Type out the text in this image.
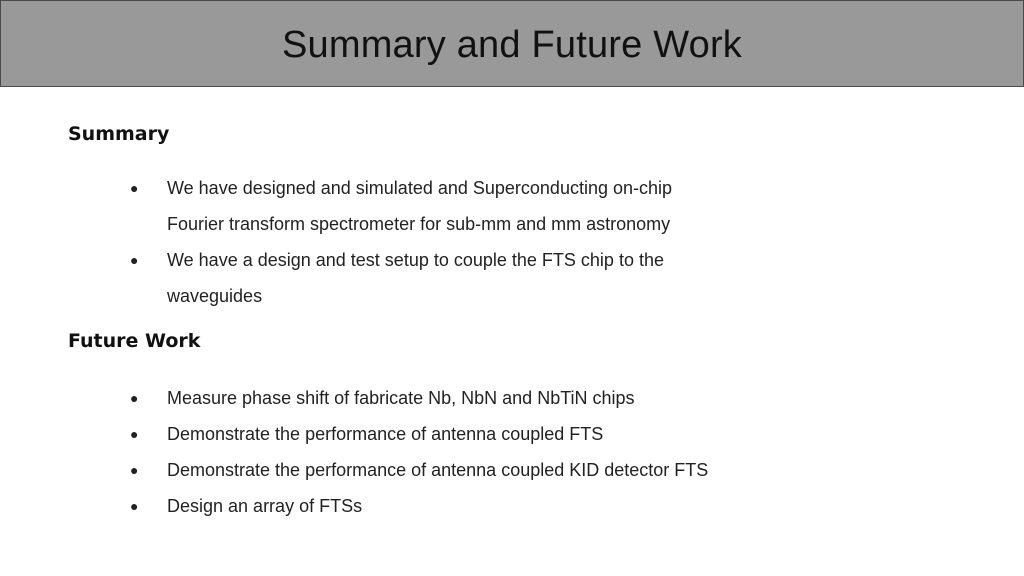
Summary and Future Work
Summary
● We have designed and simulated and Superconducting on-chip Fourier transform spectrometer for sub-mm and mm astronomy
● We have a design and test setup to couple the FTS chip to the waveguides
Future Work
● Measure phase shift of fabricate Nb, NbN and NbTiN chips
● Demonstrate the performance of antenna coupled FTS
● Demonstrate the performance of antenna coupled KID detector FTS
● Design an array of FTSs
